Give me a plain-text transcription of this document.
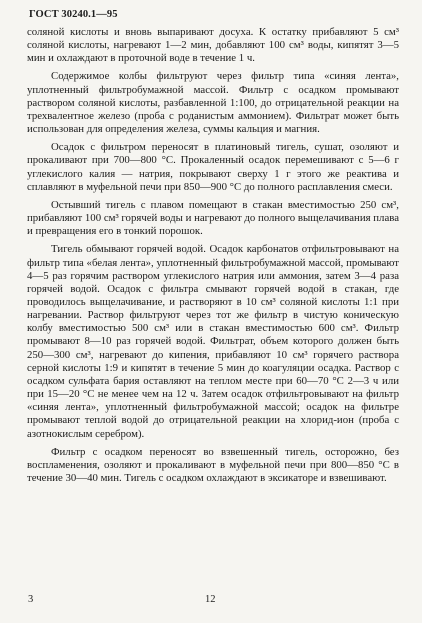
ГОСТ 30240.1—95

соляной кислоты и вновь выпаривают досуха. К остатку прибавляют 5 см³ соляной кислоты, нагревают 1—2 мин, добавляют 100 см³ воды, кипятят 3—5 мин и охлаждают в проточной воде в течение 1 ч.

Содержимое колбы фильтруют через фильтр типа «синяя лента», уплотненный фильтробумажной массой. Фильтр с осадком промывают раствором соляной кислоты, разбавленной 1:100, до отрицательной реакции на трехвалентное железо (проба с роданистым аммонием). Фильтрат может быть использован для определения железа, суммы кальция и магния.

Осадок с фильтром переносят в платиновый тигель, сушат, озоляют и прокаливают при 700—800 °С. Прокаленный осадок перемешивают с 5—6 г углекислого калия — натрия, покрывают сверху 1 г этого же реактива и сплавляют в муфельной печи при 850—900 °С до полного расплавления смеси.

Остывший тигель с плавом помещают в стакан вместимостью 250 см³, прибавляют 100 см³ горячей воды и нагревают до полного выщелачивания плава и превращения его в тонкий порошок.

Тигель обмывают горячей водой. Осадок карбонатов отфильтровывают на фильтр типа «белая лента», уплотненный фильтробумажной массой, промывают 4—5 раз горячим раствором углекислого натрия или аммония, затем 3—4 раза горячей водой. Осадок с фильтра смывают горячей водой в стакан, где проводилось выщелачивание, и растворяют в 10 см³ соляной кислоты 1:1 при нагревании. Раствор фильтруют через тот же фильтр в чистую коническую колбу вместимостью 500 см³ или в стакан вместимостью 600 см³. Фильтр промывают 8—10 раз горячей водой. Фильтрат, объем которого должен быть 250—300 см³, нагревают до кипения, прибавляют 10 см³ горячего раствора серной кислоты 1:9 и кипятят в течение 5 мин до коагуляции осадка. Раствор с осадком сульфата бария оставляют на теплом месте при 60—70 °С 2—3 ч или при 15—20 °С не менее чем на 12 ч. Затем осадок отфильтровывают на фильтр «синяя лента», уплотненный фильтробумажной массой; осадок на фильтре промывают теплой водой до отрицательной реакции на хлорид-ион (проба с азотнокислым серебром).

Фильтр с осадком переносят во взвешенный тигель, осторожно, без воспламенения, озоляют и прокаливают в муфельной печи при 800—850 °С в течение 30—40 мин. Тигель с осадком охлаждают в эксикаторе и взвешивают.

3	12
